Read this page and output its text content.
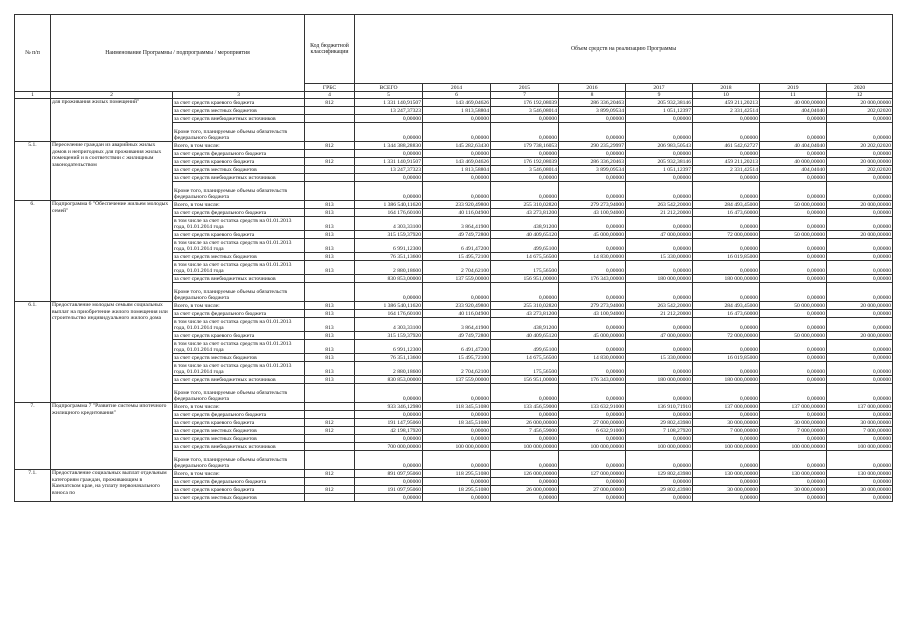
№ п/п	Наименование Программы / подпрограммы / мероприятия		Код бюджетной классификации	Объем средств на реализацию Программы							
			ГРБС	ВСЕГО	2014	2015	2016	2017	2018	2019	2020
1	2	3	4	5	6	7	8	9	10	11	12
	для проживания жилых помещений"	за счет средств краевого бюджета	812	1 331 140,91507	143 469,04626	176 192,08039	286 336,20463	205 932,38146	459 211,20213	40 000,00000	20 000,00000
		за счет средств местных бюджетов		13 247,37323	1 813,58804	3 546,08014	3 899,09534	1 051,12397	2 331,42514	404,04040	202,02020
		за счет средств внебюджетных источников		0,00000	0,00000	0,00000	0,00000	0,00000	0,00000	0,00000	0,00000
		Кроме того, планируемые объемы обязательств федерального бюджета		0,00000	0,00000	0,00000	0,00000	0,00000	0,00000	0,00000	0,00000
5.1.	Переселение граждан из аварийных жилых домов и непригодных для проживания жилых помещений и в соответствии с жилищным законодательством	Всего, в том числе:	812	1 344 388,28830	145 282,63430	179 738,16053	290 235,29997	206 983,50543	461 542,62727	40 404,04040	20 202,02020
		за счет средств федерального бюджета		0,00000	0,00000	0,00000	0,00000	0,00000	0,00000	0,00000	0,00000
		за счет средств краевого бюджета	812	1 331 140,91507	143 469,04626	176 192,08039	286 336,20463	205 932,38146	459 211,20213	40 000,00000	20 000,00000
		за счет средств местных бюджетов		13 247,37323	1 813,58804	3 546,08014	3 899,09534	1 051,12397	2 331,42514	404,04040	202,02020
		за счет средств внебюджетных источников		0,00000	0,00000	0,00000	0,00000	0,00000	0,00000	0,00000	0,00000
		Кроме того, планируемые объемы обязательств федерального бюджета		0,00000	0,00000	0,00000	0,00000	0,00000	0,00000	0,00000	0,00000
6.	Подпрограмма 6 "Обеспечение жильем молодых семей"	Всего, в том числе:	813	1 386 540,11620	233 920,49800	255 310,02820	279 273,94000	263 542,20000	284 493,45000	50 000,00000	20 000,00000
		за счет средств федерального бюджета	813	164 176,60100	40 116,04900	43 273,81200	43 100,94000	21 212,20000	16 473,60000	0,00000	0,00000
		в том числе за счет остатка средств на 01.01.2013 года, 01.01.2014 года	813	4 303,33100	3 864,41900	438,91200	0,00000	0,00000	0,00000	0,00000	0,00000
		за счет средств краевого бюджета	813	315 159,37920	49 749,72800	40 409,65120	45 000,00000	47 000,00000	72 000,00000	50 000,00000	20 000,00000
		в том числе за счет остатка средств на 01.01.2013 года, 01.01.2014 года	813	6 991,12300	6 491,47200	499,65100	0,00000	0,00000	0,00000	0,00000	0,00000
		за счет средств местных бюджетов	813	76 351,13600	15 495,72100	14 675,56500	14 830,00000	15 330,00000	16 019,85000	0,00000	0,00000
		в том числе за счет остатка средств на 01.01.2013 года, 01.01.2014 года	813	2 880,18600	2 704,62100	175,56500	0,00000	0,00000	0,00000	0,00000	0,00000
		за счет средств внебюджетных источников		830 853,00000	137 559,00000	156 951,00000	176 343,00000	180 000,00000	180 000,00000	0,00000	0,00000
		Кроме того, планируемые объемы обязательств федерального бюджета		0,00000	0,00000	0,00000	0,00000	0,00000	0,00000	0,00000	0,00000
6.1.	Предоставление молодым семьям социальных выплат на приобретение жилого помещения или строительство индивидуального жилого дома	Всего, в том числе:	813	1 386 540,11620	233 920,49800	255 310,02820	279 273,94000	263 542,20000	284 493,45000	50 000,00000	20 000,00000
		за счет средств федерального бюджета	813	164 176,60100	40 116,04900	43 273,81200	43 100,94000	21 212,20000	16 473,60000	0,00000	0,00000
		в том числе за счет остатка средств на 01.01.2013 года, 01.01.2014 года	813	4 303,33100	3 864,41900	438,91200	0,00000	0,00000	0,00000	0,00000	0,00000
		за счет средств краевого бюджета	813	315 159,37920	49 749,72800	40 409,65120	45 000,00000	47 000,00000	72 000,00000	50 000,00000	20 000,00000
		в том числе за счет остатка средств на 01.01.2013 года, 01.01.2014 года	813	6 991,12300	6 491,47200	499,65100	0,00000	0,00000	0,00000	0,00000	0,00000
		за счет средств местных бюджетов	813	76 351,13600	15 495,72100	14 675,56500	14 830,00000	15 330,00000	16 019,85000	0,00000	0,00000
		в том числе за счет остатка средств на 01.01.2013 года, 01.01.2014 года	813	2 880,18600	2 704,62100	175,56500	0,00000	0,00000	0,00000	0,00000	0,00000
		за счет средств внебюджетных источников	813	830 853,00000	137 559,00000	156 951,00000	176 343,00000	180 000,00000	180 000,00000	0,00000	0,00000
		Кроме того, планируемые объемы обязательств федерального бюджета		0,00000	0,00000	0,00000	0,00000	0,00000	0,00000	0,00000	0,00000
7.	Подпрограмма 7 "Развитие системы ипотечного жилищного кредитования"	Всего, в том числе:		933 346,12980	118 345,51080	133 456,59000	133 632,91000	136 910,71910	137 000,00000	137 000,00000	137 000,00000
		за счет средств федерального бюджета		0,00000	0,00000	0,00000	0,00000	0,00000	0,00000	0,00000	0,00000
		за счет средств краевого бюджета	812	191 147,95060	18 345,51080	26 000,00000	27 000,00000	29 802,43980	30 000,00000	30 000,00000	30 000,00000
		за счет средств местных бюджетов	812	42 198,17920	0,00000	7 456,59000	6 632,91000	7 108,27920	7 000,00000	7 000,00000	7 000,00000
		за счет средств местных бюджетов		0,00000	0,00000	0,00000	0,00000	0,00000	0,00000	0,00000	0,00000
		за счет средств внебюджетных источников		700 000,00000	100 000,00000	100 000,00000	100 000,00000	100 000,00000	100 000,00000	100 000,00000	100 000,00000
		Кроме того, планируемые объемы обязательств федерального бюджета		0,00000	0,00000	0,00000	0,00000	0,00000	0,00000	0,00000	0,00000
7.1.	Предоставление социальных выплат отдельным категориям граждан, проживающим в Камчатском крае, на уплату первоначального взноса по	Всего, в том числе:	812	891 097,95060	118 295,51080	126 000,00000	127 000,00000	129 802,43980	130 000,00000	130 000,00000	130 000,00000
		за счет средств федерального бюджета		0,00000	0,00000	0,00000	0,00000	0,00000	0,00000	0,00000	0,00000
		за счет средств краевого бюджета	812	191 097,95060	18 295,51080	26 000,00000	27 000,00000	29 802,43980	30 000,00000	30 000,00000	30 000,00000
		за счет средств местных бюджетов		0,00000	0,00000	0,00000	0,00000	0,00000	0,00000	0,00000	0,00000
